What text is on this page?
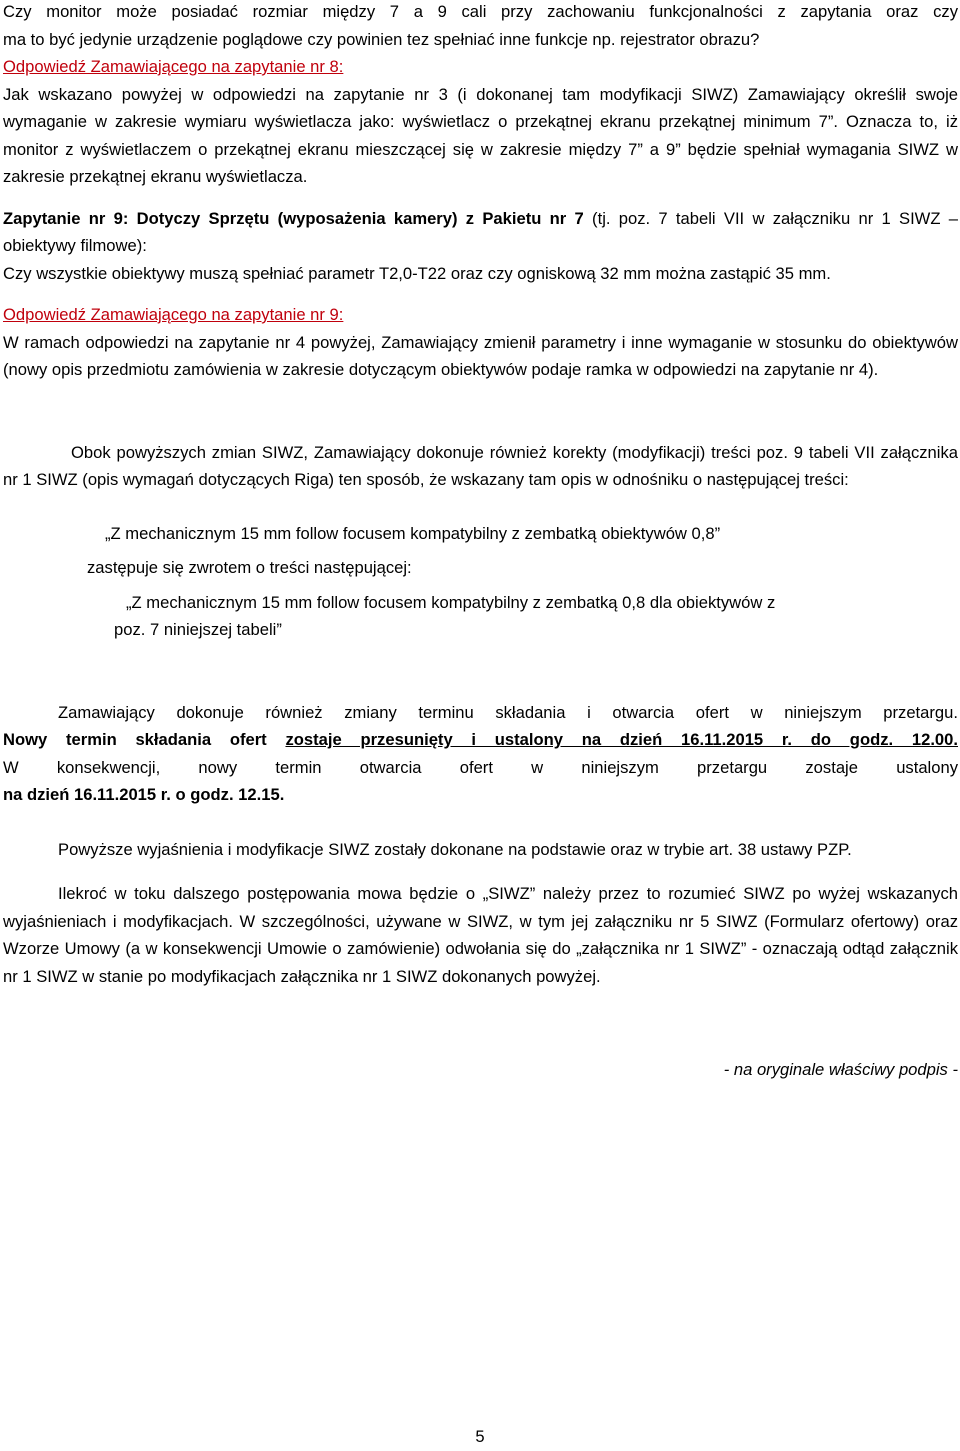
Czy monitor może posiadać rozmiar między 7 a 9 cali przy zachowaniu funkcjonalności z zapytania oraz czy

ma to być jedynie urządzenie poglądowe czy powinien tez spełniać inne funkcje np. rejestrator obrazu?

Odpowiedź Zamawiającego na zapytanie nr 8:

Jak wskazano powyżej w odpowiedzi na zapytanie nr 3 (i dokonanej tam modyfikacji SIWZ) Zamawiający określił swoje wymaganie w zakresie wymiaru wyświetlacza jako: wyświetlacz o przekątnej ekranu przekątnej minimum 7”. Oznacza to, iż monitor z wyświetlaczem o przekątnej ekranu mieszczącej się w zakresie między 7” a 9” będzie spełniał wymagania SIWZ w zakresie przekątnej ekranu wyświetlacza.

Zapytanie nr 9: Dotyczy Sprzętu (wyposażenia kamery) z Pakietu nr 7 (tj. poz. 7 tabeli VII w załączniku nr 1 SIWZ – obiektywy filmowe):

Czy wszystkie obiektywy muszą spełniać parametr T2,0-T22 oraz czy ogniskową 32 mm można zastąpić 35 mm.

Odpowiedź Zamawiającego na zapytanie nr 9:

W ramach odpowiedzi na zapytanie nr 4 powyżej, Zamawiający zmienił parametry i inne wymaganie w stosunku do obiektywów (nowy opis przedmiotu zamówienia w zakresie dotyczącym obiektywów podaje ramka w odpowiedzi na zapytanie nr 4).

Obok powyższych zmian SIWZ, Zamawiający dokonuje również korekty (modyfikacji) treści poz. 9 tabeli VII załącznika nr 1 SIWZ (opis wymagań dotyczących Riga) ten sposób, że wskazany tam opis w odnośniku o następującej treści:

„Z mechanicznym 15 mm follow focusem kompatybilny z zembatką obiektywów 0,8”

zastępuje się zwrotem o treści następującej:

„Z mechanicznym 15 mm follow focusem kompatybilny z zembatką 0,8 dla obiektywów z

poz. 7 niniejszej tabeli”

Zamawiający dokonuje również zmiany terminu składania i otwarcia ofert w niniejszym przetargu.

Nowy termin składania ofert zostaje przesunięty i ustalony na dzień 16.11.2015 r. do godz. 12.00.

W konsekwencji, nowy termin otwarcia ofert w niniejszym przetargu zostaje ustalony

na dzień 16.11.2015 r. o godz. 12.15.

Powyższe wyjaśnienia i modyfikacje SIWZ zostały dokonane na podstawie oraz w trybie art. 38 ustawy PZP.

Ilekroć w toku dalszego postępowania mowa będzie o „SIWZ” należy przez to rozumieć SIWZ po wyżej wskazanych wyjaśnieniach i modyfikacjach. W szczególności, używane w SIWZ, w tym jej załączniku nr 5 SIWZ (Formularz ofertowy) oraz Wzorze Umowy (a w konsekwencji Umowie o zamówienie) odwołania się do „załącznika nr 1 SIWZ” - oznaczają odtąd załącznik nr 1 SIWZ w stanie po modyfikacjach załącznika nr 1 SIWZ dokonanych powyżej.

- na oryginale właściwy podpis -

5
